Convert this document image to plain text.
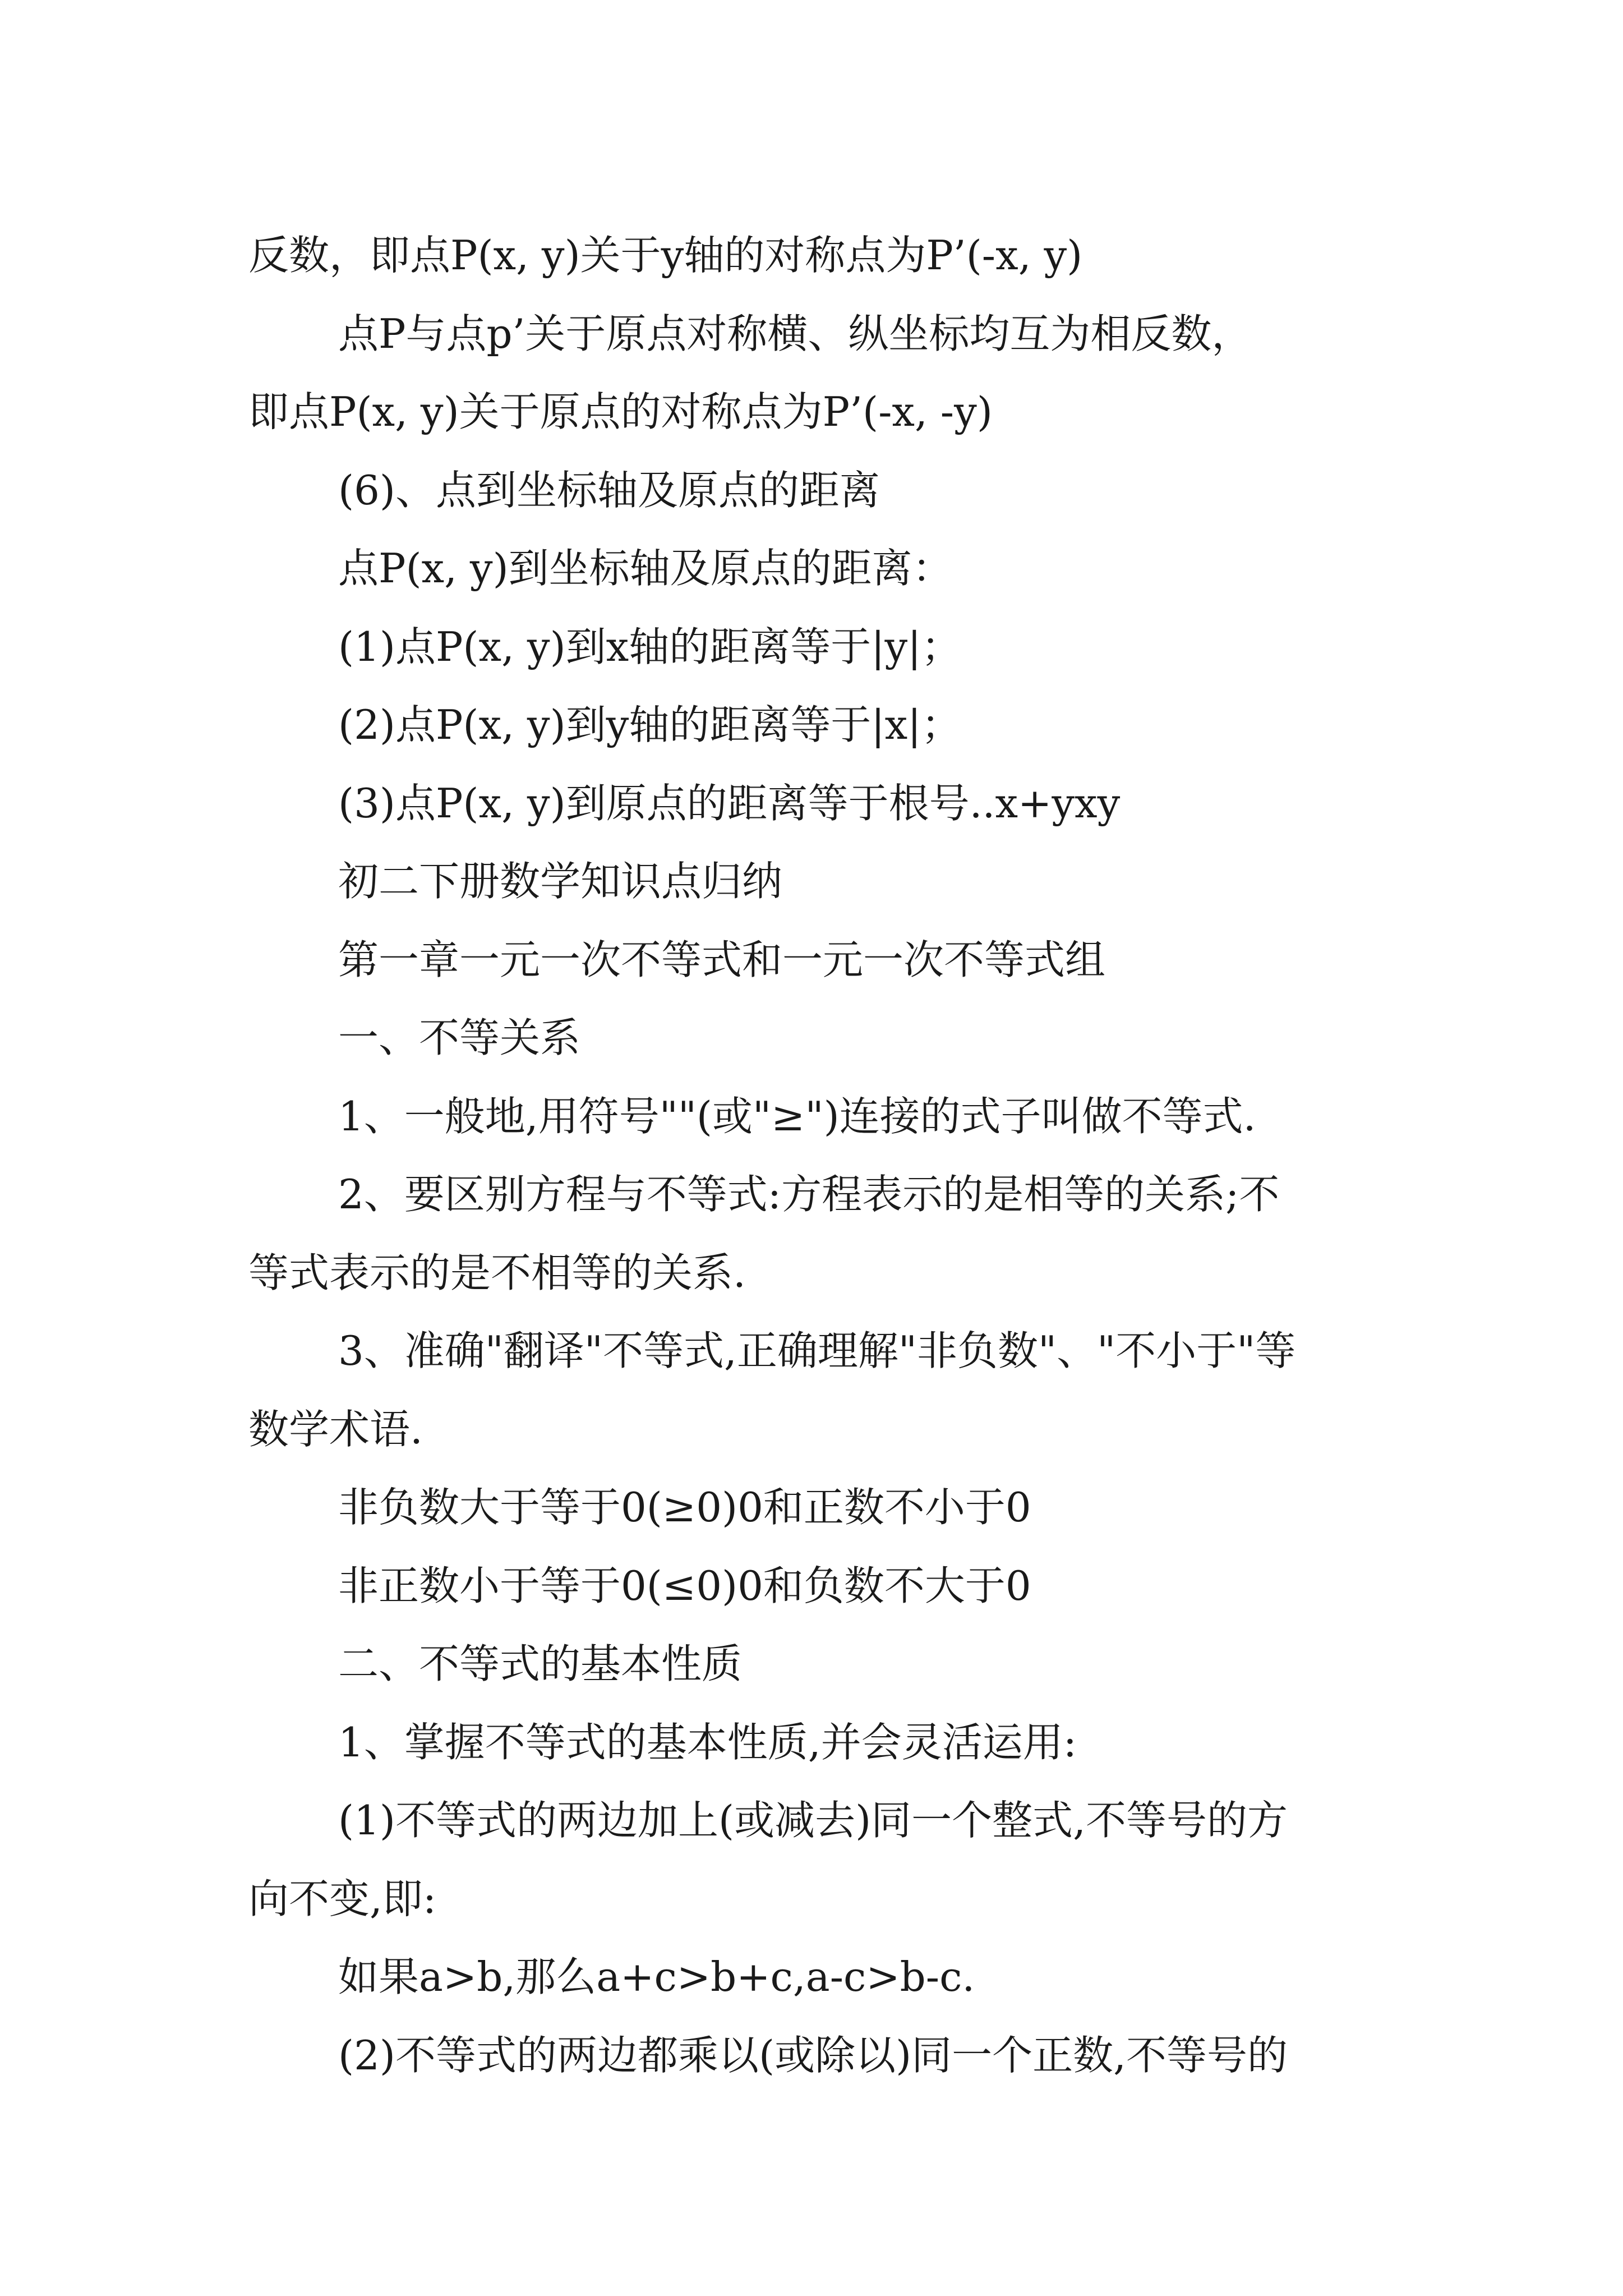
反数，即点P(x, y)关于y轴的对称点为P’(-x, y)
点P与点p’关于原点对称横、纵坐标均互为相反数，
即点P(x, y)关于原点的对称点为P’(-x, -y)
(6)、点到坐标轴及原点的距离
点P(x, y)到坐标轴及原点的距离：
(1)点P(x, y)到x轴的距离等于|y|；
(2)点P(x, y)到y轴的距离等于|x|；
(3)点P(x, y)到原点的距离等于根号..x+yxy
初二下册数学知识点归纳
第一章一元一次不等式和一元一次不等式组
一、不等关系
1、一般地,用符号""(或"≥")连接的式子叫做不等式.
2、要区别方程与不等式:方程表示的是相等的关系;不
等式表示的是不相等的关系.
3、准确"翻译"不等式,正确理解"非负数"、"不小于"等
数学术语.
非负数大于等于0(≥0)0和正数不小于0
非正数小于等于0(≤0)0和负数不大于0
二、不等式的基本性质
1、掌握不等式的基本性质,并会灵活运用:
(1)不等式的两边加上(或减去)同一个整式,不等号的方
向不变,即:
如果a>b,那么a+c>b+c,a-c>b-c.
(2)不等式的两边都乘以(或除以)同一个正数,不等号的
